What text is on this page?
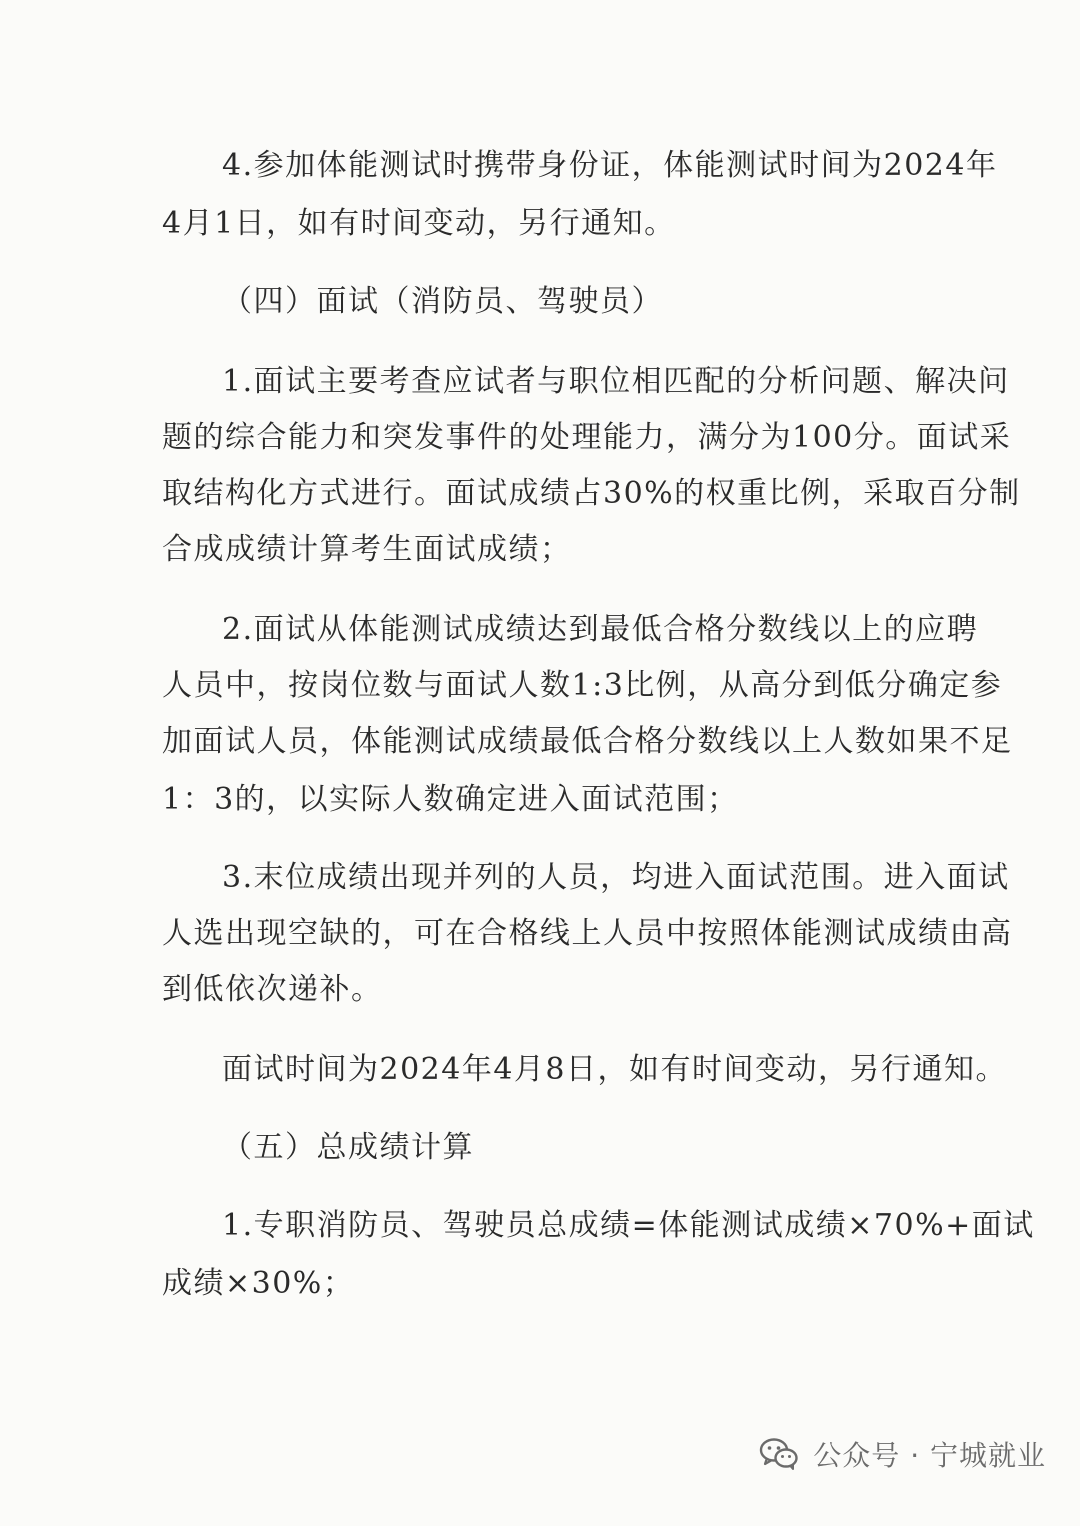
4.参加体能测试时携带身份证，体能测试时间为2024年
4月1日，如有时间变动，另行通知。
（四）面试（消防员、驾驶员）
1.面试主要考查应试者与职位相匹配的分析问题、解决问
题的综合能力和突发事件的处理能力，满分为100分。面试采
取结构化方式进行。面试成绩占30%的权重比例，采取百分制
合成成绩计算考生面试成绩；
2.面试从体能测试成绩达到最低合格分数线以上的应聘
人员中，按岗位数与面试人数1:3比例，从高分到低分确定参
加面试人员，体能测试成绩最低合格分数线以上人数如果不足
1：3的，以实际人数确定进入面试范围；
3.末位成绩出现并列的人员，均进入面试范围。进入面试
人选出现空缺的，可在合格线上人员中按照体能测试成绩由高
到低依次递补。
面试时间为2024年4月8日，如有时间变动，另行通知。
（五）总成绩计算
1.专职消防员、驾驶员总成绩=体能测试成绩×70%+面试
成绩×30%；
公众号 · 宁城就业
